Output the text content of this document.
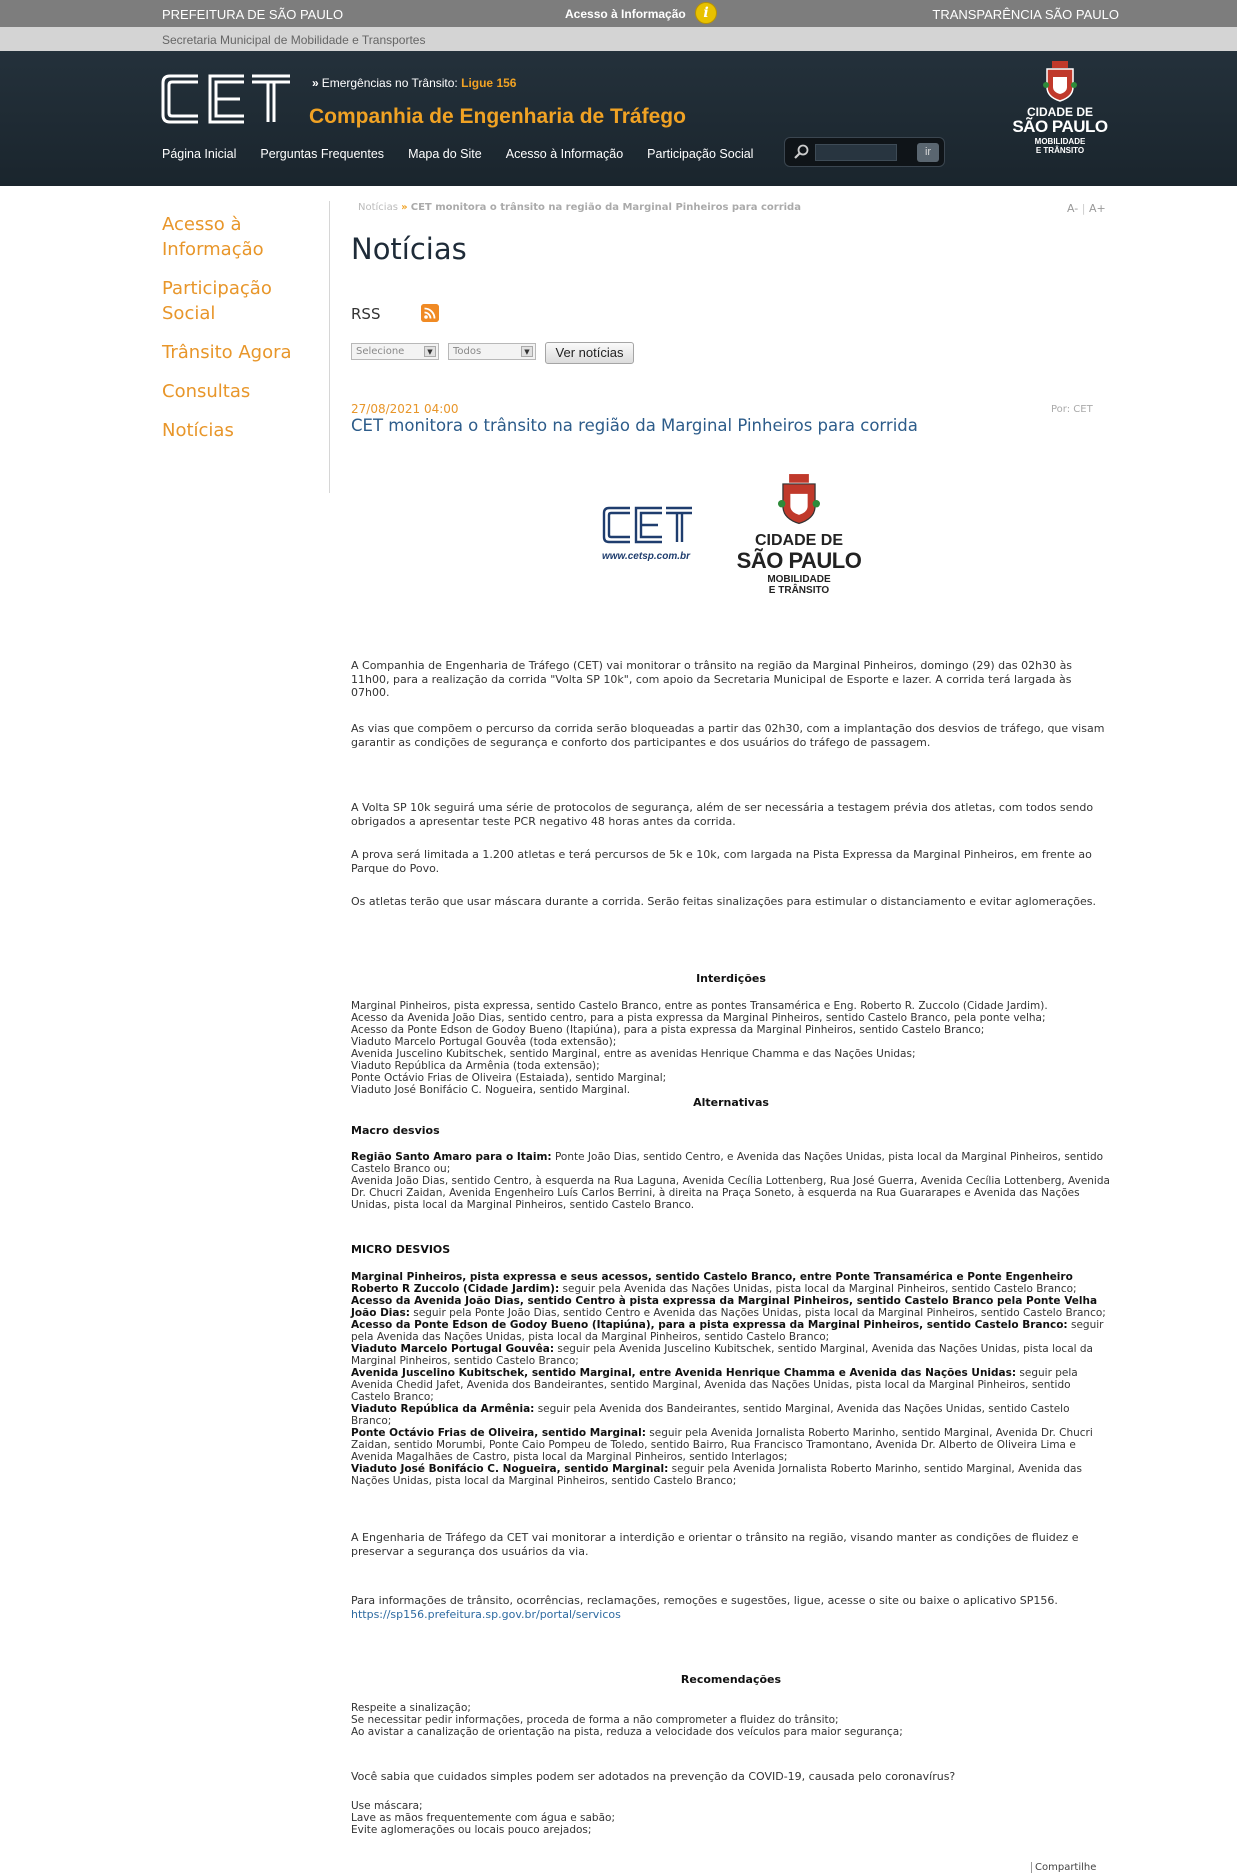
PREFEITURA DE SÃO PAULO	Acesso à Informação	i	TRANSPARÊNCIA SÃO PAULO
Secretaria Municipal de Mobilidade e Transportes
» Emergências no Trânsito: Ligue 156
Companhia de Engenharia de Tráfego
Página Inicial Perguntas Frequentes Mapa do Site Acesso à Informação Participação Social	ir
CIDADE DE
SÃO PAULO
MOBILIDADE
E TRÂNSITO
Acesso à
Informação
Participação
Social
Trânsito Agora
Consultas
Notícias
Notícias » CET monitora o trânsito na região da Marginal Pinheiros para corrida	A- | A+
Notícias
RSS
Selecione	▼	Todos	▼	Ver notícias
27/08/2021 04:00	Por: CET
CET monitora o trânsito na região da Marginal Pinheiros para corrida
www.cetsp.com.br
CIDADE DE
SÃO PAULO
MOBILIDADE
E TRÂNSITO
A Companhia de Engenharia de Tráfego (CET) vai monitorar o trânsito na região da Marginal Pinheiros, domingo (29) das 02h30 às 11h00, para a realização da corrida "Volta SP 10k", com apoio da Secretaria Municipal de Esporte e lazer. A corrida terá largada às 07h00.
As vias que compõem o percurso da corrida serão bloqueadas a partir das 02h30, com a implantação dos desvios de tráfego, que visam garantir as condições de segurança e conforto dos participantes e dos usuários do tráfego de passagem.
A Volta SP 10k seguirá uma série de protocolos de segurança, além de ser necessária a testagem prévia dos atletas, com todos sendo obrigados a apresentar teste PCR negativo 48 horas antes da corrida.
A prova será limitada a 1.200 atletas e terá percursos de 5k e 10k, com largada na Pista Expressa da Marginal Pinheiros, em frente ao Parque do Povo.
Os atletas terão que usar máscara durante a corrida. Serão feitas sinalizações para estimular o distanciamento e evitar aglomerações.
Interdições
Marginal Pinheiros, pista expressa, sentido Castelo Branco, entre as pontes Transamérica e Eng. Roberto R. Zuccolo (Cidade Jardim).
Acesso da Avenida João Dias, sentido centro, para a pista expressa da Marginal Pinheiros, sentido Castelo Branco, pela ponte velha;
Acesso da Ponte Edson de Godoy Bueno (Itapiúna), para a pista expressa da Marginal Pinheiros, sentido Castelo Branco;
Viaduto Marcelo Portugal Gouvêa (toda extensão);
Avenida Juscelino Kubitschek, sentido Marginal, entre as avenidas Henrique Chamma e das Nações Unidas;
Viaduto República da Armênia (toda extensão);
Ponte Octávio Frias de Oliveira (Estaiada), sentido Marginal;
Viaduto José Bonifácio C. Nogueira, sentido Marginal.
Alternativas
Macro desvios
Região Santo Amaro para o Itaim: Ponte João Dias, sentido Centro, e Avenida das Nações Unidas, pista local da Marginal Pinheiros, sentido Castelo Branco ou;
Avenida João Dias, sentido Centro, à esquerda na Rua Laguna, Avenida Cecília Lottenberg, Rua José Guerra, Avenida Cecília Lottenberg, Avenida Dr. Chucri Zaidan, Avenida Engenheiro Luís Carlos Berrini, à direita na Praça Soneto, à esquerda na Rua Guararapes e Avenida das Nações Unidas, pista local da Marginal Pinheiros, sentido Castelo Branco.
MICRO DESVIOS
Marginal Pinheiros, pista expressa e seus acessos, sentido Castelo Branco, entre Ponte Transamérica e Ponte Engenheiro Roberto R Zuccolo (Cidade Jardim): seguir pela Avenida das Nações Unidas, pista local da Marginal Pinheiros, sentido Castelo Branco;
Acesso da Avenida João Dias, sentido Centro à pista expressa da Marginal Pinheiros, sentido Castelo Branco pela Ponte Velha João Dias: seguir pela Ponte João Dias, sentido Centro e Avenida das Nações Unidas, pista local da Marginal Pinheiros, sentido Castelo Branco;
Acesso da Ponte Edson de Godoy Bueno (Itapiúna), para a pista expressa da Marginal Pinheiros, sentido Castelo Branco: seguir pela Avenida das Nações Unidas, pista local da Marginal Pinheiros, sentido Castelo Branco;
Viaduto Marcelo Portugal Gouvêa: seguir pela Avenida Juscelino Kubitschek, sentido Marginal, Avenida das Nações Unidas, pista local da Marginal Pinheiros, sentido Castelo Branco;
Avenida Juscelino Kubitschek, sentido Marginal, entre Avenida Henrique Chamma e Avenida das Nações Unidas: seguir pela Avenida Chedid Jafet, Avenida dos Bandeirantes, sentido Marginal, Avenida das Nações Unidas, pista local da Marginal Pinheiros, sentido Castelo Branco;
Viaduto República da Armênia: seguir pela Avenida dos Bandeirantes, sentido Marginal, Avenida das Nações Unidas, sentido Castelo Branco;
Ponte Octávio Frias de Oliveira, sentido Marginal: seguir pela Avenida Jornalista Roberto Marinho, sentido Marginal, Avenida Dr. Chucri Zaidan, sentido Morumbi, Ponte Caio Pompeu de Toledo, sentido Bairro, Rua Francisco Tramontano, Avenida Dr. Alberto de Oliveira Lima e Avenida Magalhães de Castro, pista local da Marginal Pinheiros, sentido Interlagos;
Viaduto José Bonifácio C. Nogueira, sentido Marginal: seguir pela Avenida Jornalista Roberto Marinho, sentido Marginal, Avenida das Nações Unidas, pista local da Marginal Pinheiros, sentido Castelo Branco;
A Engenharia de Tráfego da CET vai monitorar a interdição e orientar o trânsito na região, visando manter as condições de fluidez e preservar a segurança dos usuários da via.
Para informações de trânsito, ocorrências, reclamações, remoções e sugestões, ligue, acesse o site ou baixe o aplicativo SP156. https://sp156.prefeitura.sp.gov.br/portal/servicos
Recomendações
Respeite a sinalização;
Se necessitar pedir informações, proceda de forma a não comprometer a fluidez do trânsito;
Ao avistar a canalização de orientação na pista, reduza a velocidade dos veículos para maior segurança;
Você sabia que cuidados simples podem ser adotados na prevenção da COVID-19, causada pelo coronavírus?
Use máscara;
Lave as mãos frequentemente com água e sabão;
Evite aglomerações ou locais pouco arejados;
Compartilhe
